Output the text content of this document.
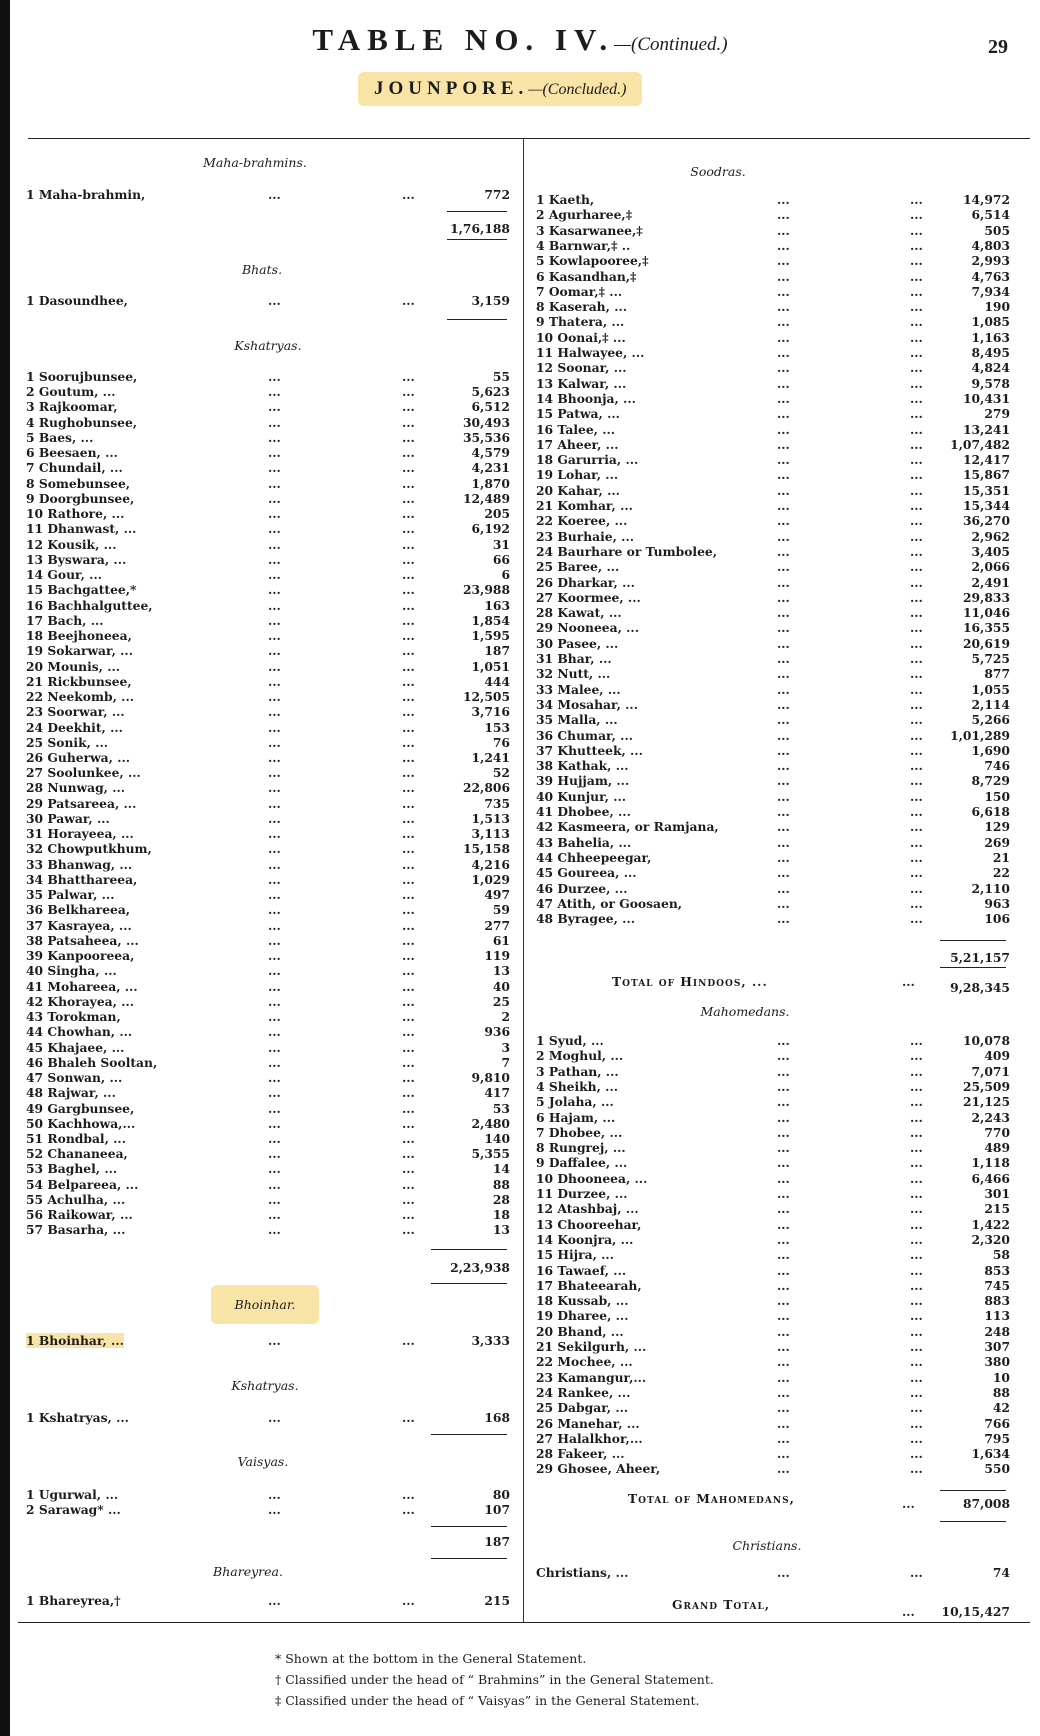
TABLE NO. IV.—(Continued.)	29
JOUNPORE.—(Concluded.)
Maha-brahmins.
1 Maha-brahmin,	...	...	772
1,76,188
Bhats.
1 Dasoundhee,	...	...	3,159
Kshatryas.
1 Soorujbunsee,	...	...	55
2 Goutum, ...	...	...	5,623
3 Rajkoomar,	...	...	6,512
4 Rughobunsee,	...	...	30,493
5 Baes, ...	...	...	35,536
6 Beesaen, ...	...	...	4,579
7 Chundail, ...	...	...	4,231
8 Somebunsee,	...	...	1,870
9 Doorgbunsee,	...	...	12,489
10 Rathore, ...	...	...	205
11 Dhanwast, ...	...	...	6,192
12 Kousik, ...	...	...	31
13 Byswara, ...	...	...	66
14 Gour, ...	...	...	6
15 Bachgattee,*	...	...	23,988
16 Bachhalguttee,	...	...	163
17 Bach, ...	...	...	1,854
18 Beejhoneea,	...	...	1,595
19 Sokarwar, ...	...	...	187
20 Mounis, ...	...	...	1,051
21 Rickbunsee,	...	...	444
22 Neekomb, ...	...	...	12,505
23 Soorwar, ...	...	...	3,716
24 Deekhit, ...	...	...	153
25 Sonik, ...	...	...	76
26 Guherwa, ...	...	...	1,241
27 Soolunkee, ...	...	...	52
28 Nunwag, ...	...	...	22,806
29 Patsareea, ...	...	...	735
30 Pawar, ...	...	...	1,513
31 Horayeea, ...	...	...	3,113
32 Chowputkhum,	...	...	15,158
33 Bhanwag, ...	...	...	4,216
34 Bhatthareea,	...	...	1,029
35 Palwar, ...	...	...	497
36 Belkhareea,	...	...	59
37 Kasrayea, ...	...	...	277
38 Patsaheea, ...	...	...	61
39 Kanpooreea,	...	...	119
40 Singha, ...	...	...	13
41 Mohareea, ...	...	...	40
42 Khorayea, ...	...	...	25
43 Torokman,	...	...	2
44 Chowhan, ...	...	...	936
45 Khajaee, ...	...	...	3
46 Bhaleh Sooltan,	...	...	7
47 Sonwan, ...	...	...	9,810
48 Rajwar, ...	...	...	417
49 Gargbunsee,	...	...	53
50 Kachhowa,...	...	...	2,480
51 Rondbal, ...	...	...	140
52 Chananeea,	...	...	5,355
53 Baghel, ...	...	...	14
54 Belpareea, ...	...	...	88
55 Achulha, ...	...	...	28
56 Raikowar, ...	...	...	18
57 Basarha, ...	...	...	13
2,23,938
Bhoinhar.
1 Bhoinhar, ...	...	...	3,333
Kshatryas.
1 Kshatryas, ...	...	...	168
Vaisyas.
1 Ugurwal, ...	...	...	80
2 Sarawag* ...	...	...	107
187
Bhareyrea.
1 Bhareyrea,†	...	...	215
Soodras.
1 Kaeth,	...	...	14,972
2 Agurharee,‡	...	...	6,514
3 Kasarwanee,‡	...	...	505
4 Barnwar,‡ ..	...	...	4,803
5 Kowlapooree,‡	...	...	2,993
6 Kasandhan,‡	...	...	4,763
7 Oomar,‡ ...	...	...	7,934
8 Kaserah, ...	...	...	190
9 Thatera, ...	...	...	1,085
10 Oonai,‡ ...	...	...	1,163
11 Halwayee, ...	...	...	8,495
12 Soonar, ...	...	...	4,824
13 Kalwar, ...	...	...	9,578
14 Bhoonja, ...	...	...	10,431
15 Patwa, ...	...	...	279
16 Talee, ...	...	...	13,241
17 Aheer, ...	...	... 1,07,482
18 Garurria, ...	...	...	12,417
19 Lohar, ...	...	...	15,867
20 Kahar, ...	...	...	15,351
21 Komhar, ...	...	...	15,344
22 Koeree, ...	...	...	36,270
23 Burhaie, ...	...	...	2,962
24 Baurhare or Tumbolee,	...	...	3,405
25 Baree, ...	...	...	2,066
26 Dharkar, ...	...	...	2,491
27 Koormee, ...	...	...	29,833
28 Kawat, ...	...	...	11,046
29 Nooneea, ...	...	...	16,355
30 Pasee, ...	...	...	20,619
31 Bhar, ...	...	...	5,725
32 Nutt, ...	...	...	877
33 Malee, ...	...	...	1,055
34 Mosahar, ...	...	...	2,114
35 Malla, ...	...	...	5,266
36 Chumar, ...	...	... 1,01,289
37 Khutteek, ...	...	...	1,690
38 Kathak, ...	...	...	746
39 Hujjam, ...	...	...	8,729
40 Kunjur, ...	...	...	150
41 Dhobee, ...	...	...	6,618
42 Kasmeera, or Ramjana,	...	...	129
43 Bahelia, ...	...	...	269
44 Chheepeegar,	...	...	21
45 Goureea, ...	...	...	22
46 Durzee, ...	...	...	2,110
47 Atith, or Goosaen,	...	...	963
48 Byragee, ...	...	...	106
5,21,157
Total of Hindoos, ...	...	9,28,345
Mahomedans.
1 Syud, ...	...	...	10,078
2 Moghul, ...	...	...	409
3 Pathan, ...	...	...	7,071
4 Sheikh, ...	...	...	25,509
5 Jolaha, ...	...	...	21,125
6 Hajam, ...	...	...	2,243
7 Dhobee, ...	...	...	770
8 Rungrej, ...	...	...	489
9 Daffalee, ...	...	...	1,118
10 Dhooneea, ...	...	...	6,466
11 Durzee, ...	...	...	301
12 Atashbaj, ...	...	...	215
13 Chooreehar,	...	...	1,422
14 Koonjra, ...	...	...	2,320
15 Hijra, ...	...	...	58
16 Tawaef, ...	...	...	853
17 Bhateearah,	...	...	745
18 Kussab, ...	...	...	883
19 Dharee, ...	...	...	113
20 Bhand, ...	...	...	248
21 Sekilgurh, ...	...	...	307
22 Mochee, ...	...	...	380
23 Kamangur,...	...	...	10
24 Rankee, ...	...	...	88
25 Dabgar, ...	...	...	42
26 Manehar, ...	...	...	766
27 Halalkhor,...	...	...	795
28 Fakeer, ...	...	...	1,634
29 Ghosee, Aheer,	...	...	550
Total of Mahomedans,	...	87,008
Christians.
Christians, ...	...	...	74
Grand Total,	...	10,15,427
* Shown at the bottom in the General Statement.
† Classified under the head of “ Brahmins” in the General Statement.
‡ Classified under the head of “ Vaisyas” in the General Statement.
